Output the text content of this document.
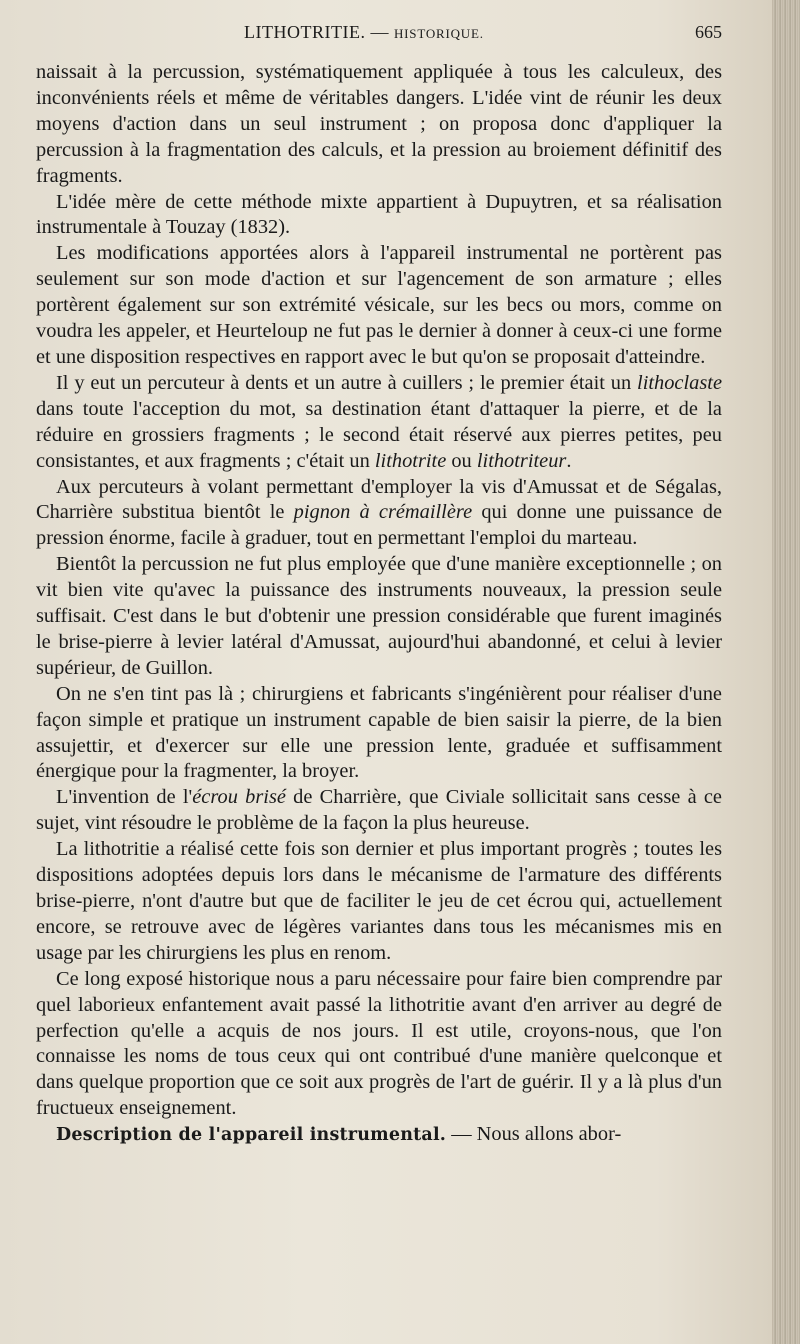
LITHOTRITIE. — HISTORIQUE.	665

naissait à la percussion, systématiquement appliquée à tous les calculeux, des inconvénients réels et même de véritables dangers. L'idée vint de réunir les deux moyens d'action dans un seul instrument ; on proposa donc d'appliquer la percussion à la fragmentation des calculs, et la pression au broiement définitif des fragments.

L'idée mère de cette méthode mixte appartient à Dupuytren, et sa réalisation instrumentale à Touzay (1832).

Les modifications apportées alors à l'appareil instrumental ne portèrent pas seulement sur son mode d'action et sur l'agencement de son armature ; elles portèrent également sur son extrémité vésicale, sur les becs ou mors, comme on voudra les appeler, et Heurteloup ne fut pas le dernier à donner à ceux-ci une forme et une disposition respectives en rapport avec le but qu'on se proposait d'atteindre.

Il y eut un percuteur à dents et un autre à cuillers ; le premier était un lithoclaste dans toute l'acception du mot, sa destination étant d'attaquer la pierre, et de la réduire en grossiers fragments ; le second était réservé aux pierres petites, peu consistantes, et aux fragments ; c'était un lithotrite ou lithotriteur.

Aux percuteurs à volant permettant d'employer la vis d'Amussat et de Ségalas, Charrière substitua bientôt le pignon à crémaillère qui donne une puissance de pression énorme, facile à graduer, tout en permettant l'emploi du marteau.

Bientôt la percussion ne fut plus employée que d'une manière exceptionnelle ; on vit bien vite qu'avec la puissance des instruments nouveaux, la pression seule suffisait. C'est dans le but d'obtenir une pression considérable que furent imaginés le brise-pierre à levier latéral d'Amussat, aujourd'hui abandonné, et celui à levier supérieur, de Guillon.

On ne s'en tint pas là ; chirurgiens et fabricants s'ingénièrent pour réaliser d'une façon simple et pratique un instrument capable de bien saisir la pierre, de la bien assujettir, et d'exercer sur elle une pression lente, graduée et suffisamment énergique pour la fragmenter, la broyer.

L'invention de l'écrou brisé de Charrière, que Civiale sollicitait sans cesse à ce sujet, vint résoudre le problème de la façon la plus heureuse.

La lithotritie a réalisé cette fois son dernier et plus important progrès ; toutes les dispositions adoptées depuis lors dans le mécanisme de l'armature des différents brise-pierre, n'ont d'autre but que de faciliter le jeu de cet écrou qui, actuellement encore, se retrouve avec de légères variantes dans tous les mécanismes mis en usage par les chirurgiens les plus en renom.

Ce long exposé historique nous a paru nécessaire pour faire bien comprendre par quel laborieux enfantement avait passé la lithotritie avant d'en arriver au degré de perfection qu'elle a acquis de nos jours. Il est utile, croyons-nous, que l'on connaisse les noms de tous ceux qui ont contribué d'une manière quelconque et dans quelque proportion que ce soit aux progrès de l'art de guérir. Il y a là plus d'un fructueux enseignement.

Description de l'appareil instrumental. — Nous allons abor-
